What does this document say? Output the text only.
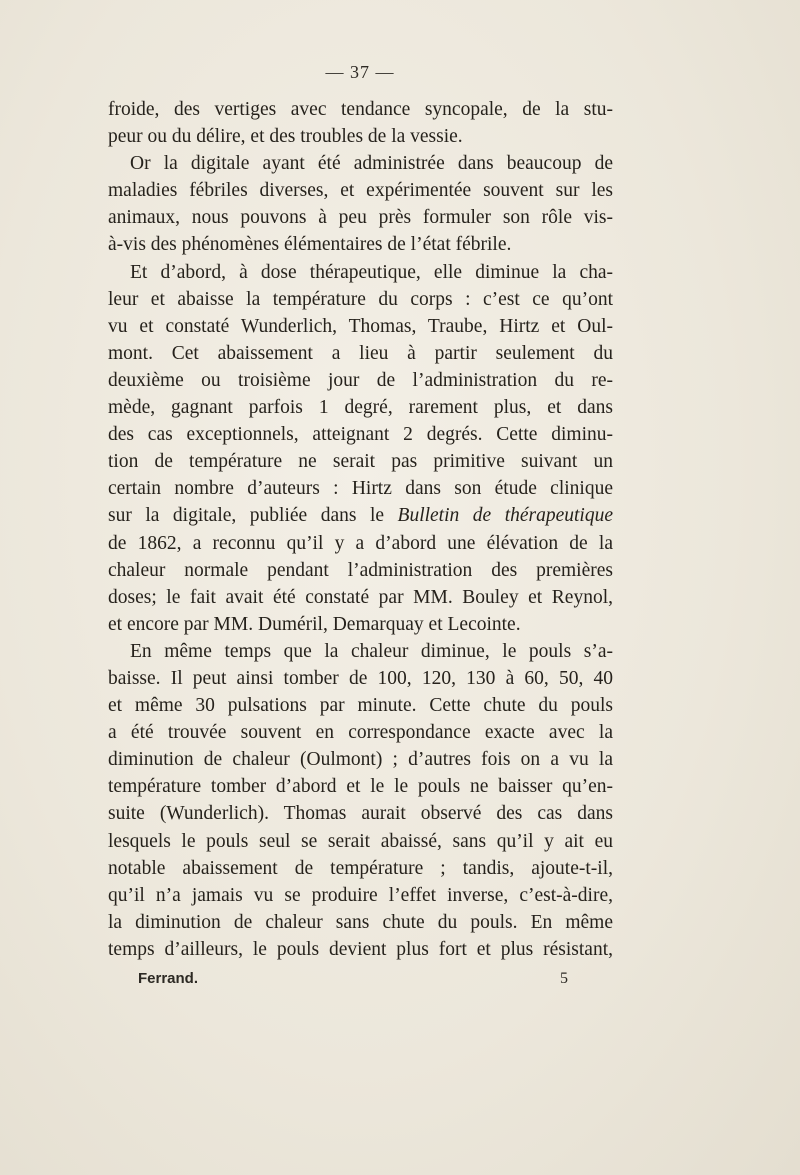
— 37 —
froide, des vertiges avec tendance syncopale, de la stu-
peur ou du délire, et des troubles de la vessie.
Or la digitale ayant été administrée dans beaucoup de
maladies fébriles diverses, et expérimentée souvent sur les
animaux, nous pouvons à peu près formuler son rôle vis-
à-vis des phénomènes élémentaires de l’état fébrile.
Et d’abord, à dose thérapeutique, elle diminue la cha-
leur et abaisse la température du corps : c’est ce qu’ont
vu et constaté Wunderlich, Thomas, Traube, Hirtz et Oul-
mont. Cet abaissement a lieu à partir seulement du
deuxième ou troisième jour de l’administration du re-
mède, gagnant parfois 1 degré, rarement plus, et dans
des cas exceptionnels, atteignant 2 degrés. Cette diminu-
tion de température ne serait pas primitive suivant un
certain nombre d’auteurs : Hirtz dans son étude clinique
sur la digitale, publiée dans le Bulletin de thérapeutique
de 1862, a reconnu qu’il y a d’abord une élévation de la
chaleur normale pendant l’administration des premières
doses; le fait avait été constaté par MM. Bouley et Reynol,
et encore par MM. Duméril, Demarquay et Lecointe.
En même temps que la chaleur diminue, le pouls s’a-
baisse. Il peut ainsi tomber de 100, 120, 130 à 60, 50, 40
et même 30 pulsations par minute. Cette chute du pouls
a été trouvée souvent en correspondance exacte avec la
diminution de chaleur (Oulmont) ; d’autres fois on a vu la
température tomber d’abord et le le pouls ne baisser qu’en-
suite (Wunderlich). Thomas aurait observé des cas dans
lesquels le pouls seul se serait abaissé, sans qu’il y ait eu
notable abaissement de température ; tandis, ajoute-t-il,
qu’il n’a jamais vu se produire l’effet inverse, c’est-à-dire,
la diminution de chaleur sans chute du pouls. En même
temps d’ailleurs, le pouls devient plus fort et plus résistant,
Ferrand.	5
